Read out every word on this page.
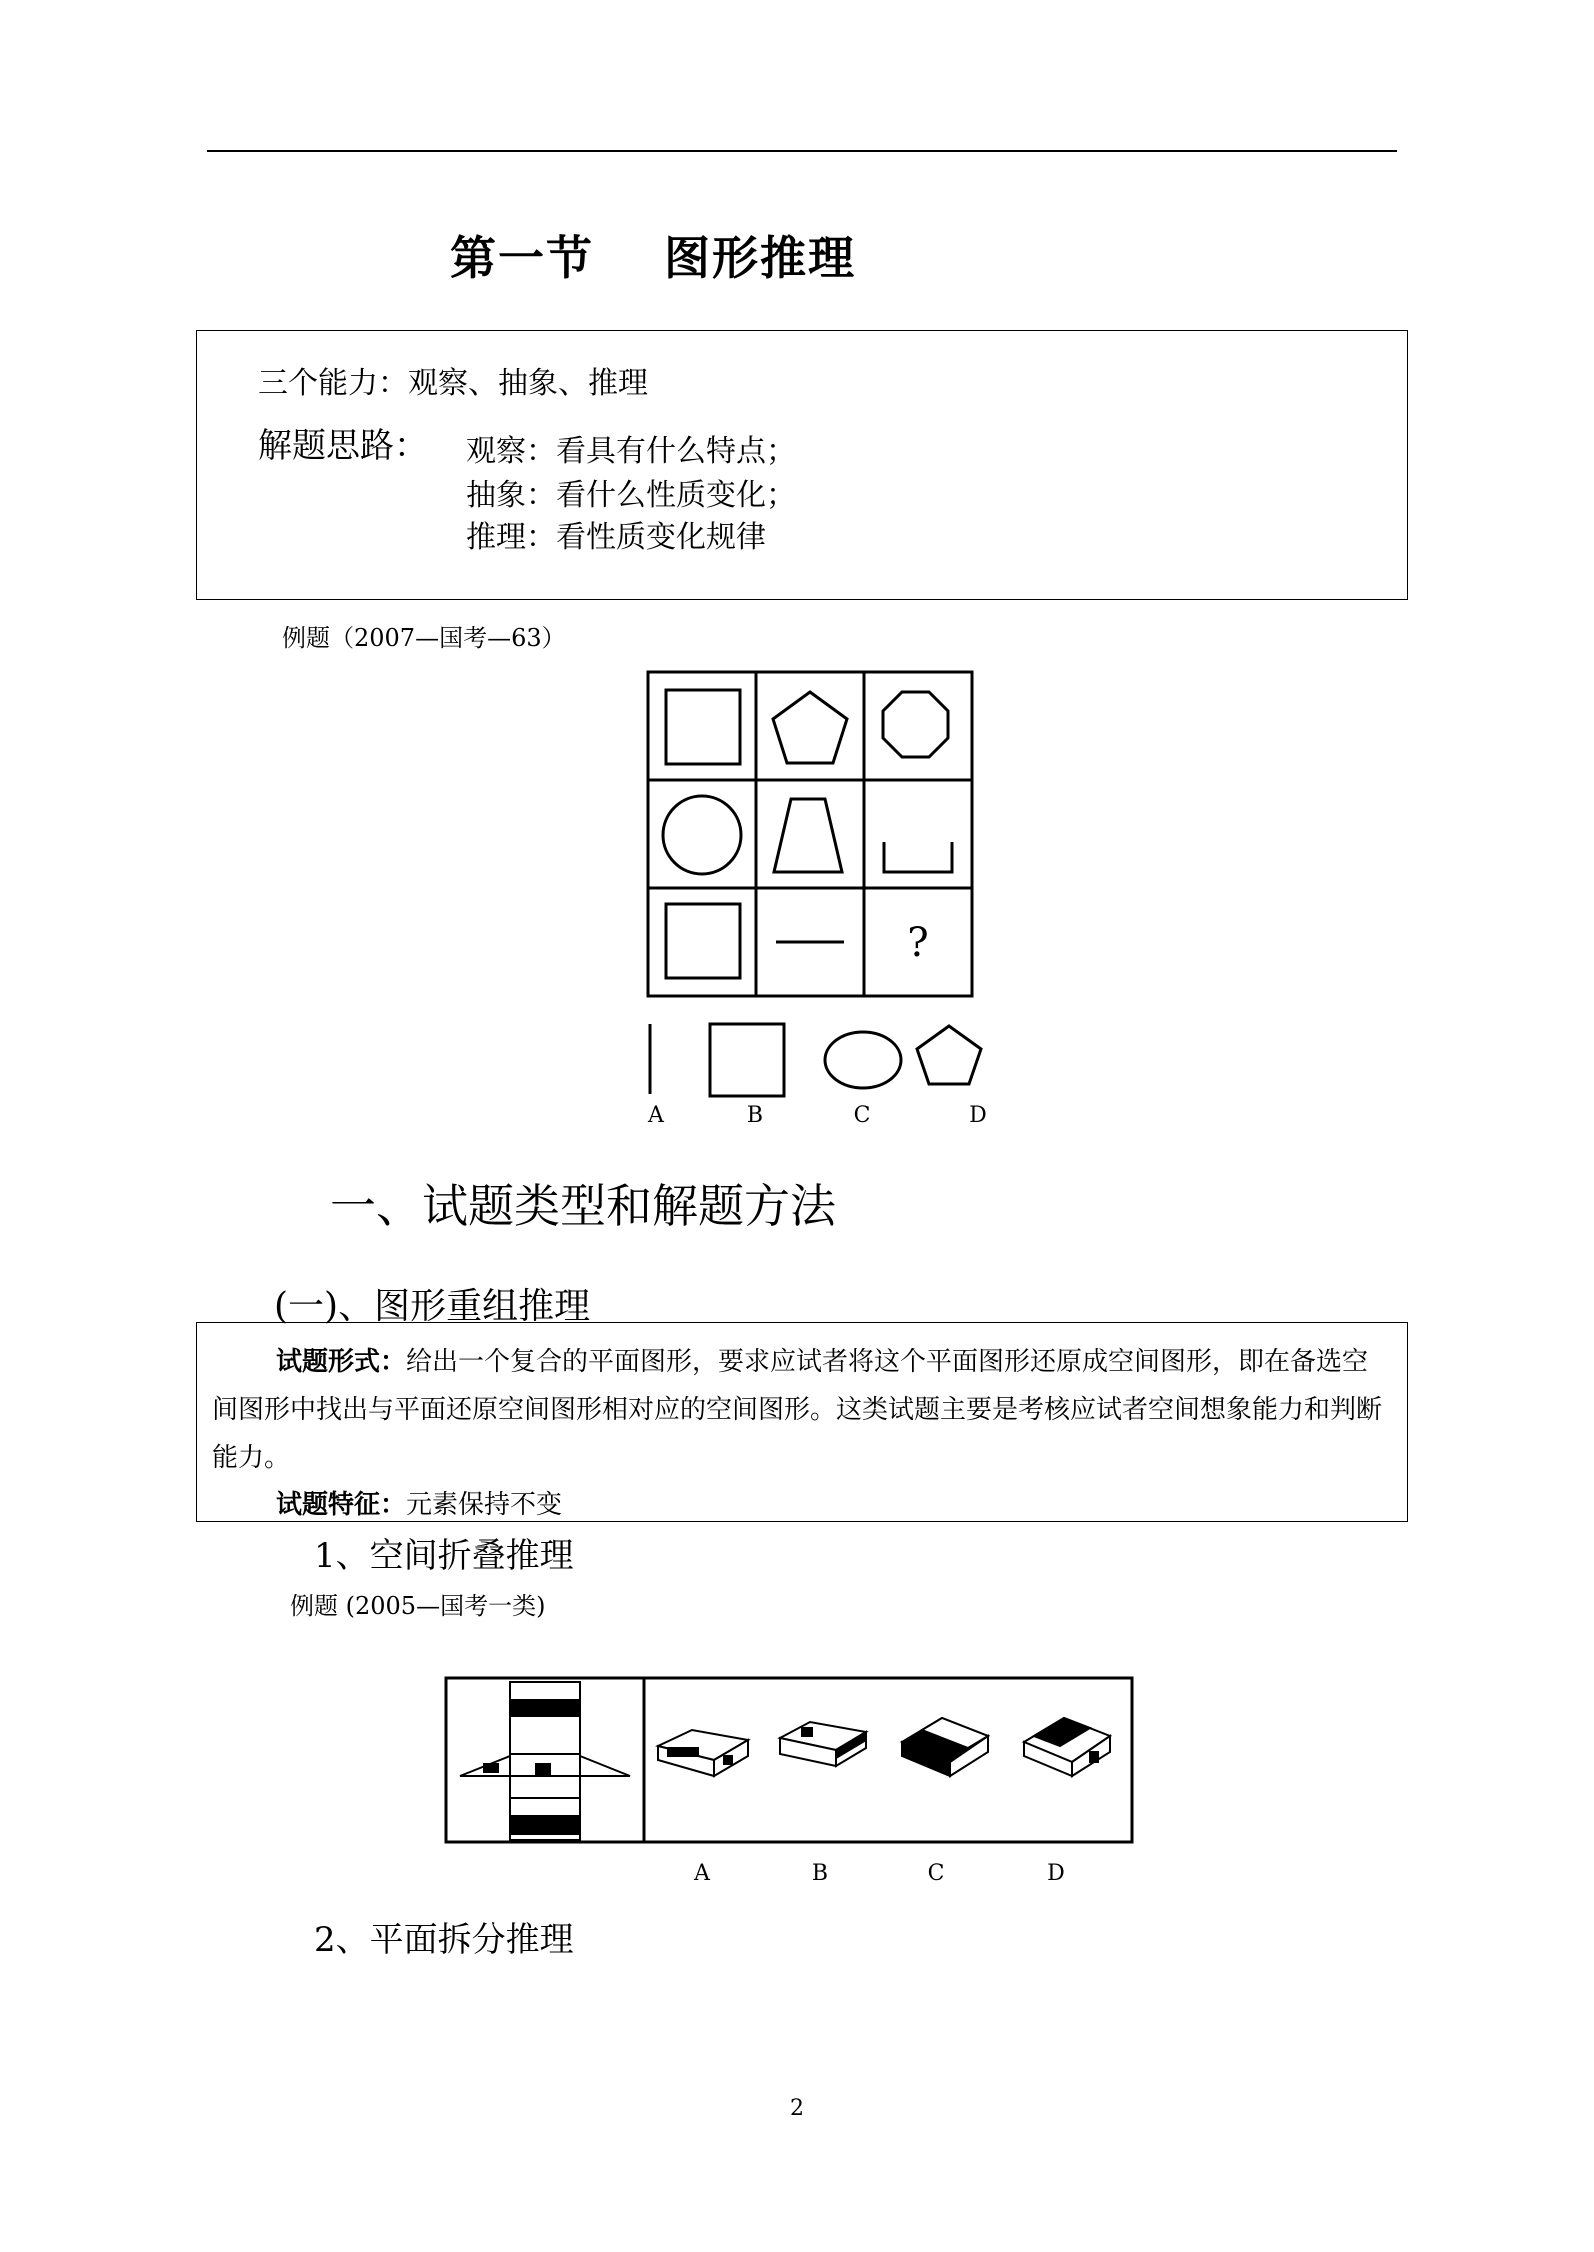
第一节 图形推理
三个能力：观察、抽象、推理
解题思路： 观察：看具有什么特点；
抽象：看什么性质变化；
推理：看性质变化规律
例题（2007—国考—63）
?
A	B	C	D
一、试题类型和解题方法
(一)、图形重组推理
试题形式：给出一个复合的平面图形，要求应试者将这个平面图形还原成空间图形，即在备选空间图形中找出与平面还原空间图形相对应的空间图形。这类试题主要是考核应试者空间想象能力和判断能力。
试题特征：元素保持不变
1、空间折叠推理
例题 (2005—国考一类)
A	B	C	D
2、平面拆分推理
2
